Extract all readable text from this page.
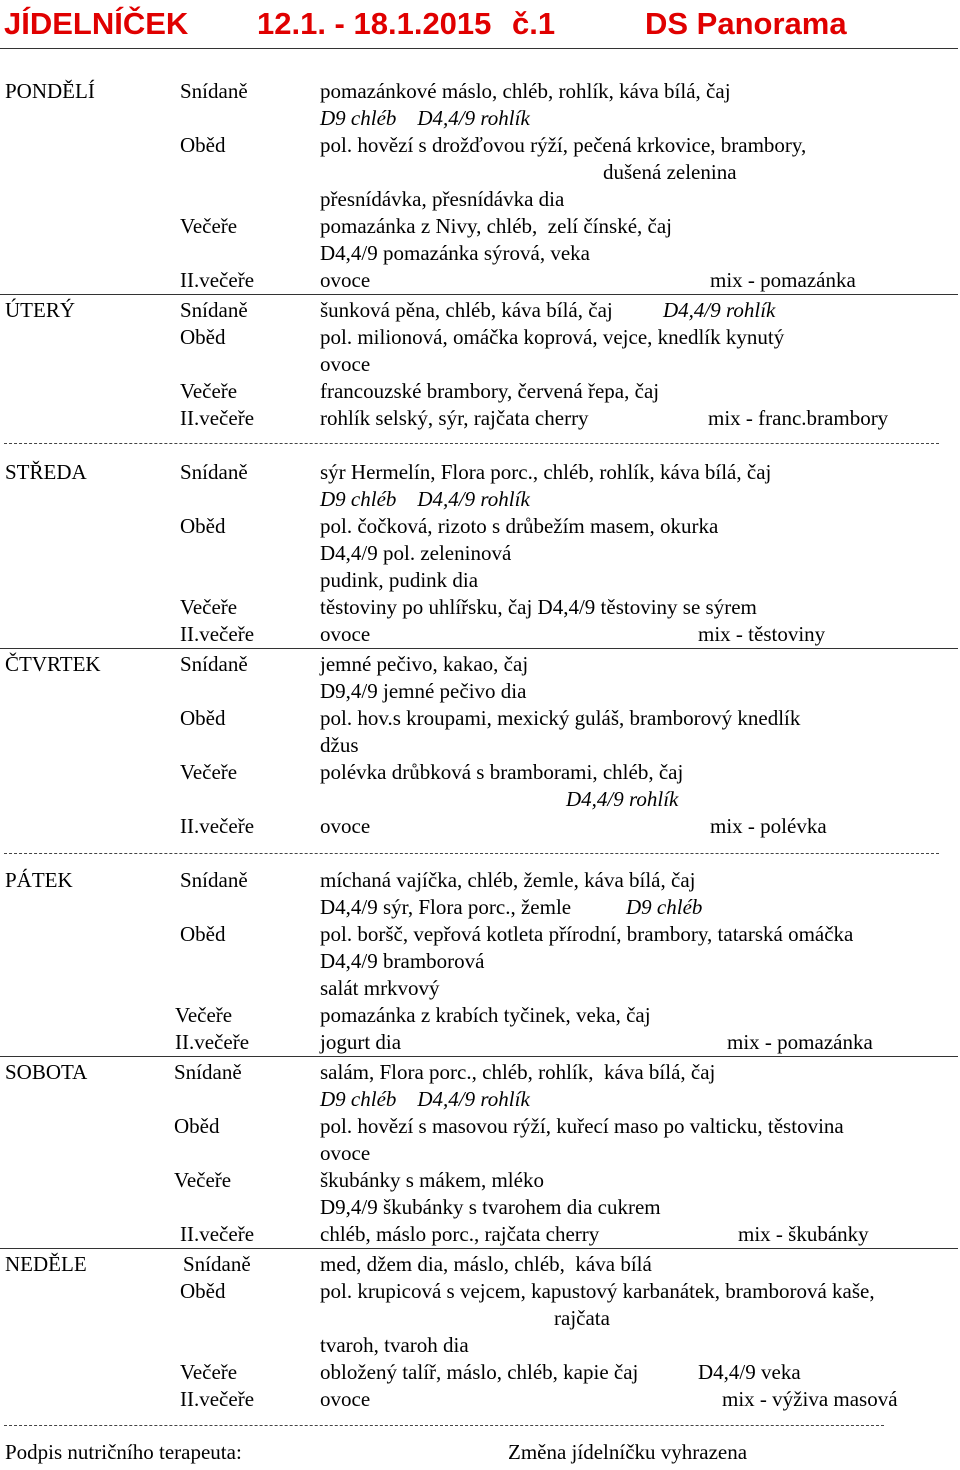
JÍDELNÍČEK 12.1. - 18.1.2015 č.1	DS Panorama
PONDĚLÍ	Snídaně	pomazánkové máslo, chléb, rohlík, káva bílá, čaj
D9 chléb    D4,4/9 rohlík
Oběd	pol. hovězí s drožďovou rýží, pečená krkovice, brambory,
dušená zelenina
přesnídávka, přesnídávka dia
Večeře	pomazánka z Nivy, chléb,  zelí čínské, čaj
D4,4/9 pomazánka sýrová, veka
II.večeře	ovoce	mix - pomazánka
ÚTERÝ	Snídaně	šunková pěna, chléb, káva bílá, čaj D4,4/9 rohlík
Oběd	pol. milionová, omáčka koprová, vejce, knedlík kynutý
ovoce
Večeře	francouzské brambory, červená řepa, čaj
II.večeře	rohlík selský, sýr, rajčata cherry	mix - franc.brambory
STŘEDA	Snídaně	sýr Hermelín, Flora porc., chléb, rohlík, káva bílá, čaj
D9 chléb    D4,4/9 rohlík
Oběd	pol. čočková, rizoto s drůbežím masem, okurka
D4,4/9 pol. zeleninová
pudink, pudink dia
Večeře	těstoviny po uhlířsku, čaj D4,4/9 těstoviny se sýrem
II.večeře	ovoce	mix - těstoviny
ČTVRTEK	Snídaně	jemné pečivo, kakao, čaj
D9,4/9 jemné pečivo dia
Oběd	pol. hov.s kroupami, mexický guláš, bramborový knedlík
džus
Večeře	polévka drůbková s bramborami, chléb, čaj
D4,4/9 rohlík
II.večeře	ovoce	mix - polévka
PÁTEK	Snídaně	míchaná vajíčka, chléb, žemle, káva bílá, čaj
D4,4/9 sýr, Flora porc., žemle	D9 chléb
Oběd	pol. boršč, vepřová kotleta přírodní, brambory, tatarská omáčka
D4,4/9 bramborová
salát mrkvový
Večeře	pomazánka z krabích tyčinek, veka, čaj
II.večeře	jogurt dia	mix - pomazánka
SOBOTA	Snídaně	salám, Flora porc., chléb, rohlík,  káva bílá, čaj
D9 chléb    D4,4/9 rohlík
Oběd	pol. hovězí s masovou rýží, kuřecí maso po valticku, těstovina
ovoce
Večeře	škubánky s mákem, mléko
D9,4/9 škubánky s tvarohem dia cukrem
II.večeře	chléb, máslo porc., rajčata cherry	mix - škubánky
NEDĚLE	Snídaně	med, džem dia, máslo, chléb,  káva bílá
Oběd	pol. krupicová s vejcem, kapustový karbanátek, bramborová kaše,
rajčata
tvaroh, tvaroh dia
Večeře	obložený talíř, máslo, chléb, kapie čaj	D4,4/9 veka
II.večeře	ovoce	mix - výživa masová
Podpis nutričního terapeuta:	Změna jídelníčku vyhrazena
